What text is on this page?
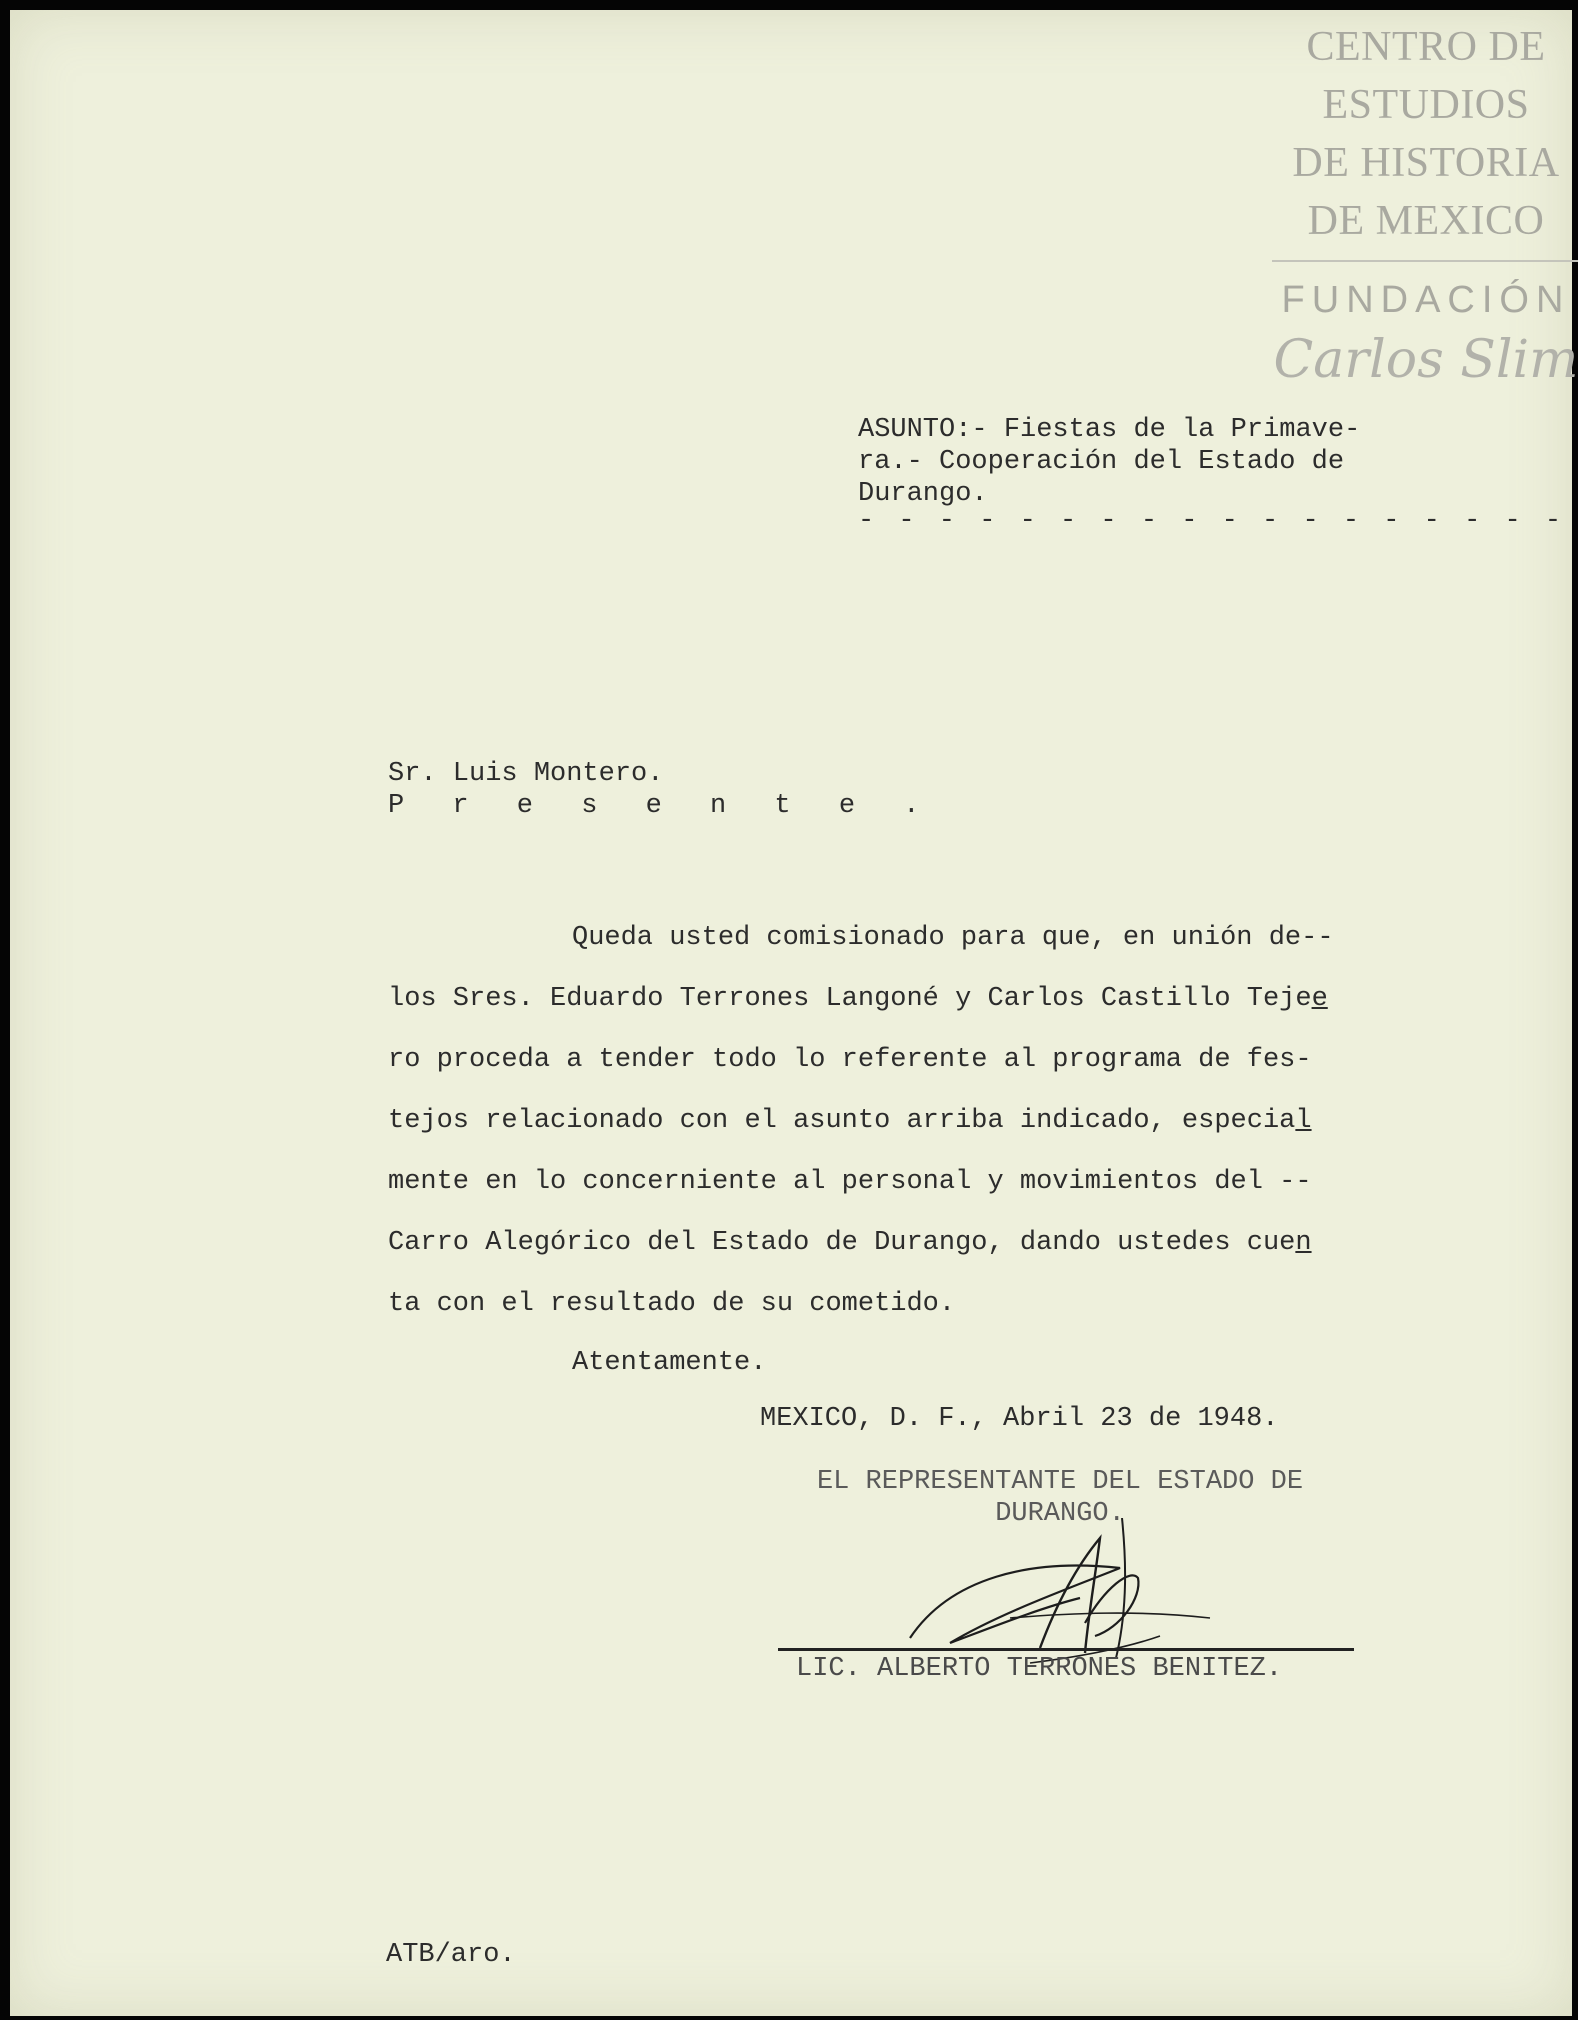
CENTRO DE
ESTUDIOS
DE HISTORIA
DE MEXICO
FUNDACIÓN
Carlos Slim
ASUNTO:- Fiestas de la Primave-
ra.- Cooperación del Estado de
Durango.
- - - - - - - - - - - - - - - - - -
Sr. Luis Montero.
P r e s e n t e .
Queda usted comisionado para que, en unión de--
los Sres. Eduardo Terrones Langoné y Carlos Castillo Tejee
ro proceda a tender todo lo referente al programa de fes-
tejos relacionado con el asunto arriba indicado, especial
mente en lo concerniente al personal y movimientos del --
Carro Alegórico del Estado de Durango, dando ustedes cuen
ta con el resultado de su cometido.
Atentamente.
MEXICO, D. F., Abril 23 de 1948.
EL REPRESENTANTE DEL ESTADO DE
DURANGO.
LIC. ALBERTO TERRONES BENITEZ.
ATB/aro.
